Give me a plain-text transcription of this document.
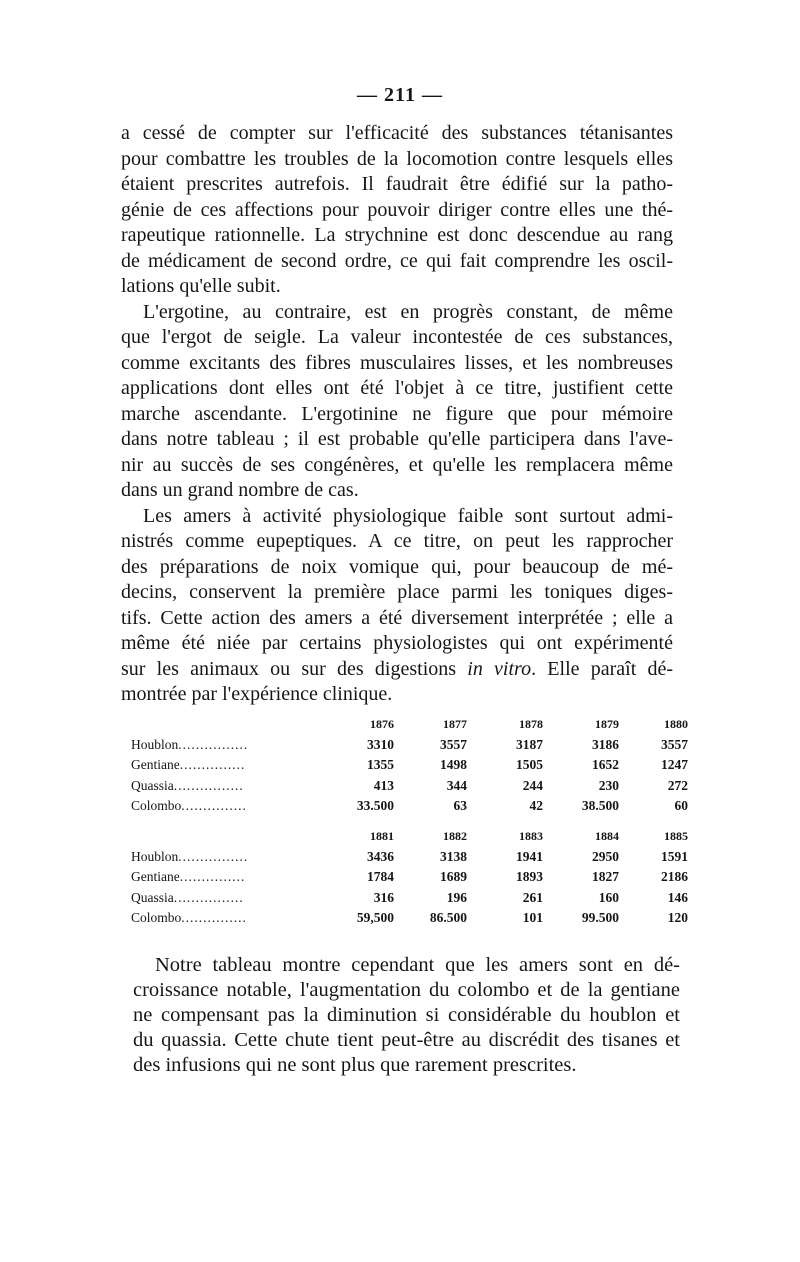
— 211 —
a cessé de compter sur l'efficacité des substances tétanisantes
pour combattre les troubles de la locomotion contre lesquels elles
étaient prescrites autrefois. Il faudrait être édifié sur la patho-
génie de ces affections pour pouvoir diriger contre elles une thé-
rapeutique rationnelle. La strychnine est donc descendue au rang
de médicament de second ordre, ce qui fait comprendre les oscil-
lations qu'elle subit.
L'ergotine, au contraire, est en progrès constant, de même
que l'ergot de seigle. La valeur incontestée de ces substances,
comme excitants des fibres musculaires lisses, et les nombreuses
applications dont elles ont été l'objet à ce titre, justifient cette
marche ascendante. L'ergotinine ne figure que pour mémoire
dans notre tableau ; il est probable qu'elle participera dans l'ave-
nir au succès de ses congénères, et qu'elle les remplacera même
dans un grand nombre de cas.
Les amers à activité physiologique faible sont surtout admi-
nistrés comme eupeptiques. A ce titre, on peut les rapprocher
des préparations de noix vomique qui, pour beaucoup de mé-
decins, conservent la première place parmi les toniques diges-
tifs. Cette action des amers a été diversement interprétée ; elle a
même été niée par certains physiologistes qui ont expérimenté
sur les animaux ou sur des digestions in vitro. Elle paraît dé-
montrée par l'expérience clinique.
1876	1877	1878	1879	1880
Houblon................	3310	3557	3187	3186	3557
Gentiane...............	1355	1498	1505	1652	1247
Quassia................	413	344	244	230	272
Colombo...............	33.500	63	42	38.500	60
1881	1882	1883	1884	1885
Houblon................	3436	3138	1941	2950	1591
Gentiane...............	1784	1689	1893	1827	2186
Quassia................	316	196	261	160	146
Colombo...............	59,500	86.500	101	99.500	120
Notre tableau montre cependant que les amers sont en dé-
croissance notable, l'augmentation du colombo et de la gentiane
ne compensant pas la diminution si considérable du houblon et
du quassia. Cette chute tient peut-être au discrédit des tisanes et
des infusions qui ne sont plus que rarement prescrites.
